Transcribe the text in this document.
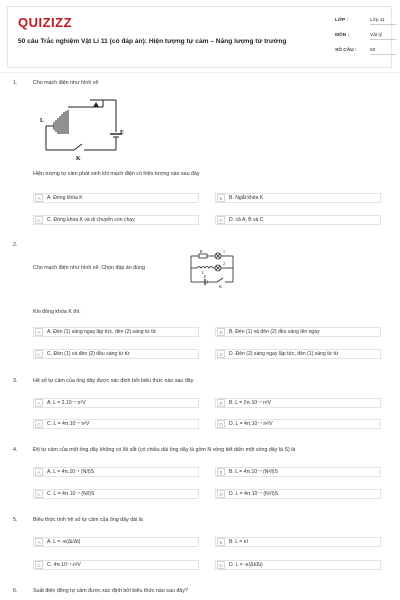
QUIZIZZ
50 câu Trắc nghiệm Vật Lí 11 (có đáp án): Hiện tượng tự cảm – Năng lượng từ trường
LỚP :	Lớp 11
MÔN :	Vật lý
SỐ CÂU :	50
1.	Cho mạch điện như hình vẽ
L
E
K
Hiện tượng tự cảm phát sinh khi mạch điện có hiện tượng nào sau đây
A	A. Đóng khóa K	B	B. Ngắt khóa K
C	C. Đóng khóa K và di chuyển con chạy	D	D. cả A, B và C
2.
Cho mạch điện như hình vẽ. Chọn đáp án đúng
R	1
2
L
E
K
Khi đóng khóa K thì:
A	A. Đèn (1) sáng ngay lập tức, đèn (2) sáng từ từ	B	B. Đèn (1) và đèn (2) đều sáng lên ngay
C	C. Đèn (1) và đèn (2) đều sáng từ từ	D	D. Đèn (2) sáng ngay lập tức, đèn (1) sáng từ từ
3.	Hệ số tự cảm của ống dây được xác định bởi biểu thức nào sau đây
A	A. L = 2.10⁻⁷ n²V	B	B. L = 2π.10⁻⁷ n²V
C	C. L = 4π.10⁻⁷ n²V	D	D. L = 4π.10⁻⁷ n²/V
4.	Độ tự cảm của một ống dây không có lõi sắt (có chiều dài ống dây là gồm N vòng tiết diện một vòng dây là S) là
A	A. L = 4π.10⁻⁷ (N/l)S	B	B. L = 4π.10⁻⁷ (N²/l)S
C	C. L = 4π.10⁻⁷ (N/l)S	D	D. L = 4π.10⁻⁷ (N²/l)S
5.	Biểu thức tính hệ số tự cảm của ống dây dài là
A	A. L = -e(Δi/Δt)	B	B. L = eI
C	C. 4π.10⁻⁷.n²V	D	D. L = -e(Δt/Δi)
6.	Suất điện động tự cảm được xác định bởi biểu thức nào sau đây?
